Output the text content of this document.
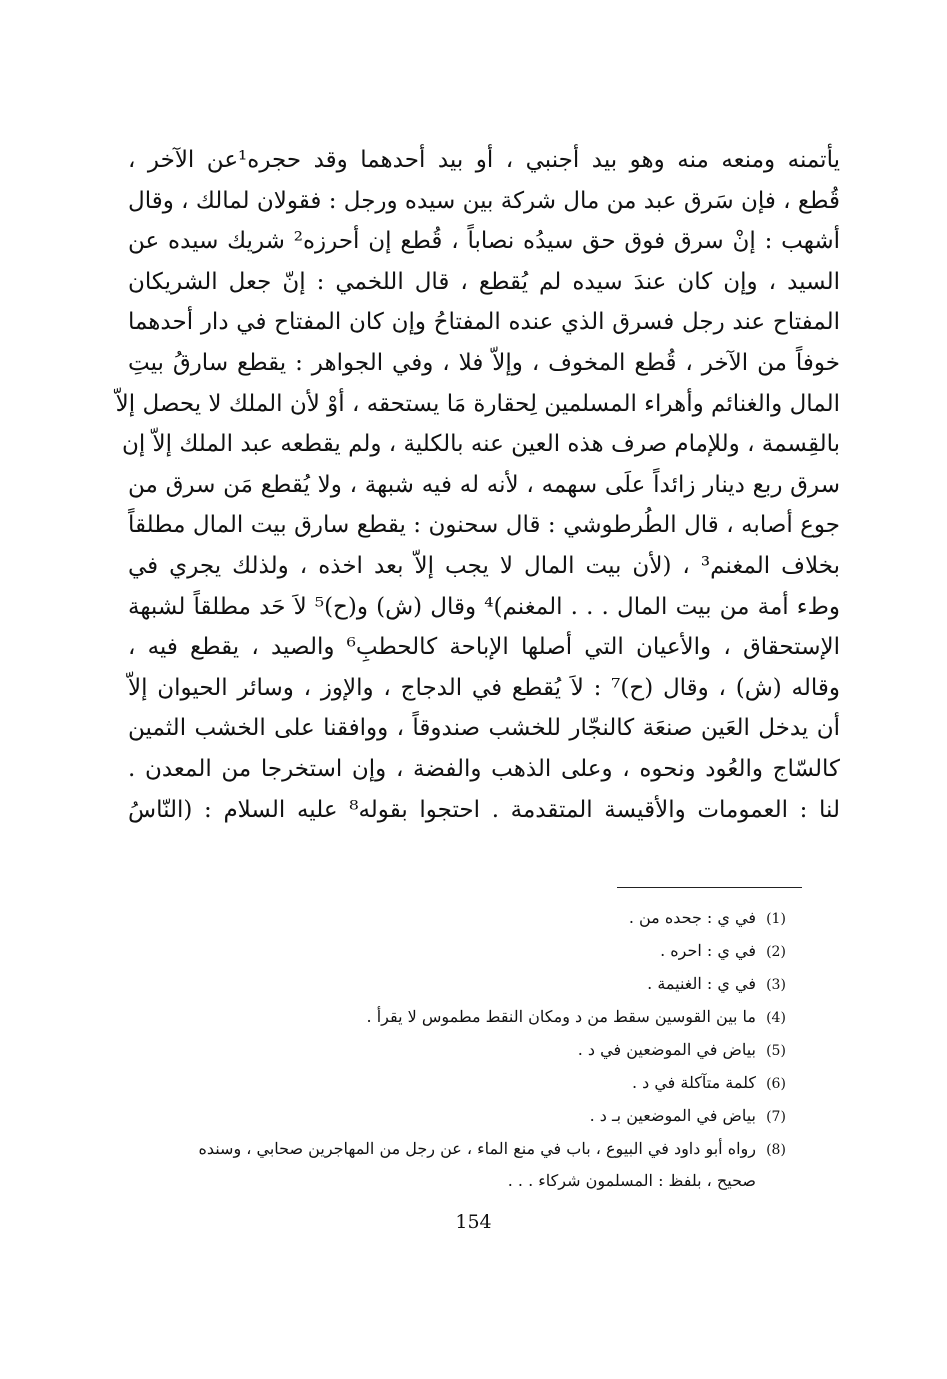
يأتمنه ومنعه منه وهو بيد أجنبي ، أو بيد أحدهما وقد حجره¹عن الآخر ،
قُطع ، فإن سَرق عبد من مال شركة بين سيده ورجل : فقولان لمالك ، وقال
أشهب : إنْ سرق فوق حق سيدُه نصاباً ، قُطع إن أحرزه² شريك سيده عن
السيد ، وإن كان عندَ سيده لم يُقطع ، قال اللخمي : إنّ جعل الشريكان
المفتاح عند رجل فسرق الذي عنده المفتاحُ وإن كان المفتاح في دار أحدهما
خوفاً من الآخر ، قُطع المخوف ، وإلاّ فلا ، وفي الجواهر : يقطع سارقُ بيتِ
المال والغنائم وأهراء المسلمين لِحقارة مَا يستحقه ، أوْ لأن الملك لا يحصل إلاّ
بالقِسمة ، وللإمام صرف هذه العين عنه بالكلية ، ولم يقطعه عبد الملك إلاّ إن
سرق ربع دينار زائداً علَى سهمه ، لأنه له فيه شبهة ، ولا يُقطع مَن سرق من
جوع أصابه ، قال الطُرطوشي : قال سحنون : يقطع سارق بيت المال مطلقاً
بخلاف المغنم³ ، (لأن بيت المال لا يجب إلاّ بعد اخذه ، ولذلك يجري في
وطء أمة من بيت المال . . . المغنم)⁴ وقال (ش) و(ح)⁵ لاَ حَد مطلقاً لشبهة
الإستحقاق ، والأعيان التي أصلها الإباحة كالحطبِ⁶ والصيد ، يقطع فيه ،
وقاله (ش) ، وقال (ح)⁷ : لاَ يُقطع في الدجاج ، والإوز ، وسائر الحيوان إلاّ
أن يدخل العَين صنعَة كالنجّار للخشب صندوقاً ، ووافقنا على الخشب الثمين
كالسّاج والعُود ونحوه ، وعلى الذهب والفضة ، وإن استخرجا من المعدن .
لنا : العمومات والأقيسة المتقدمة . احتجوا بقوله⁸ عليه السلام : (النّاسُ
(1)
في ي : جحده من .
(2)
في ي : احره .
(3)
في ي : الغنيمة .
(4)
ما بين القوسين سقط من د ومكان النقط مطموس لا يقرأ .
(5)
بياض في الموضعين في د .
(6)
كلمة متآكلة في د .
(7)
بياض في الموضعين بـ د .
(8)
رواه أبو داود في البيوع ، باب في منع الماء ، عن رجل من المهاجرين صحابي ، وسنده
صحيح ، بلفظ : المسلمون شركاء . . .
154
